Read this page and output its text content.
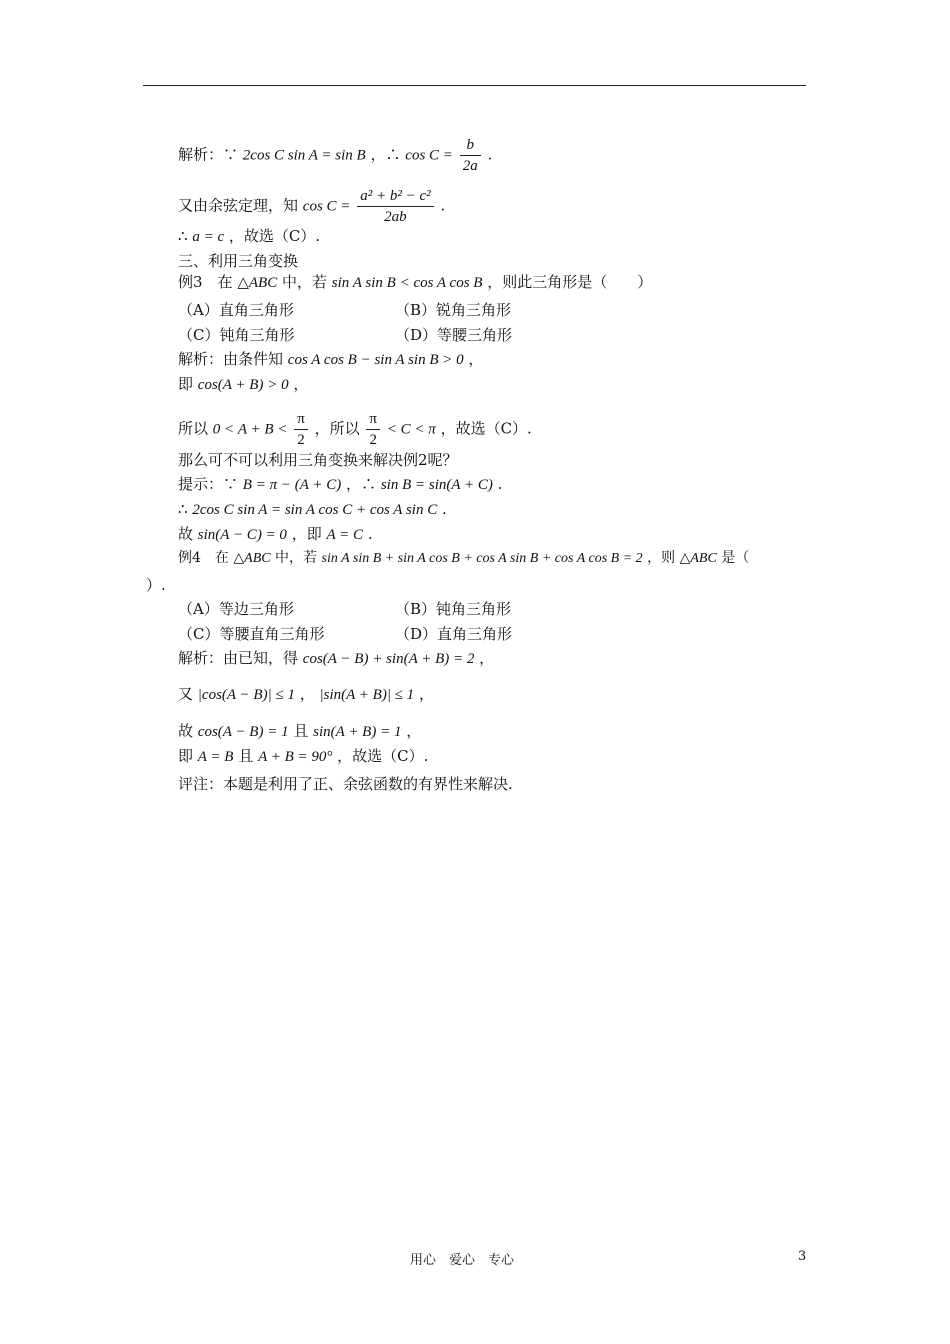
解析：∵ 2cos C sin A = sin B ，∴ $\cos C = \frac{b}{2a}$ .
又由余弦定理，知 $\cos C = \frac{\text{a² + b² − c²}}{2ab}$ .
∴ a = c ，故选（C）.
三、利用三角变换
例3　在 △ABC 中，若 sin A sin B < cos A cos B ，则此三角形是（　　）
（A）直角三角形	（B）锐角三角形
（C）钝角三角形	（D）等腰三角形
解析：由条件知 cos A cos B − sin A sin B > 0 ，
即 cos(A + B) > 0 ，
所以 $0 < A + B < \frac{\pi}{2}$ ，所以 $\frac{\pi}{2} < C < \pi$ ，故选（C）.
那么可不可以利用三角变换来解决例2呢？
提示：∵ B = π − (A + C) ，∴ sin B = sin(A + C) .
∴ 2cos C sin A = sin A cos C + cos A sin C .
故 sin(A − C) = 0 ，即 A = C .
例4　在 △ABC 中，若 sin A sin B + sin A cos B + cos A sin B + cos A cos B = 2 ，则 △ABC 是（
）.
（A）等边三角形	（B）钝角三角形
（C）等腰直角三角形	（D）直角三角形
解析：由已知，得 cos(A − B) + sin(A + B) = 2 ，
又 |cos(A − B)| ≤ 1 ， |sin(A + B)| ≤ 1 ，
故 cos(A − B) = 1 且 sin(A + B) = 1 ，
即 A = B 且 A + B = 90° ，故选（C）.
评注：本题是利用了正、余弦函数的有界性来解决.
用心　爱心　专心	3
